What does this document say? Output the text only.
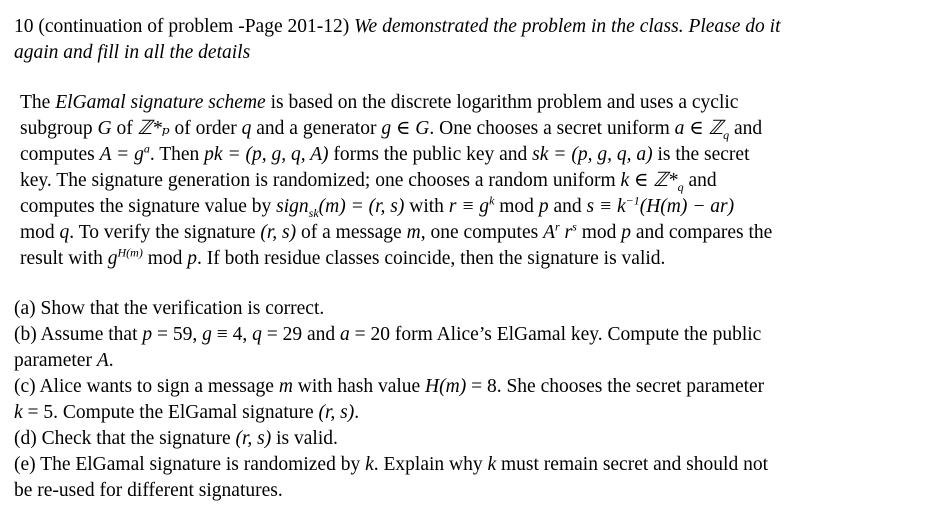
10 (continuation of problem -Page 201-12) We demonstrated the problem in the class. Please do it
again and fill in all the details
The ElGamal signature scheme is based on the discrete logarithm problem and uses a cyclic
subgroup G of ℤ*ₚ of order q and a generator g ∈ G. One chooses a secret uniform a ∈ ℤ$_q$ and
computes $A = g^a$. Then pk = (p, g, q, A) forms the public key and sk = (p, g, q, a) is the secret
key. The signature generation is randomized; one chooses a random uniform k ∈ $ℤ*_q$ and
computes the signature value by sign$_{sk}$(m) = (r, s) with $r \equiv g^k$ mod p and $s \equiv k^{-1}(H(m) - ar)$
mod q. To verify the signature (r, s) of a message m, one computes $A^r$ $r^s$ mod p and compares the
result with $g^{H(m)}$ mod p. If both residue classes coincide, then the signature is valid.
(a) Show that the verification is correct.
(b) Assume that p = 59, g ≡ 4, q = 29 and a = 20 form Alice’s ElGamal key. Compute the public
parameter A.
(c) Alice wants to sign a message m with hash value H(m) = 8. She chooses the secret parameter
k = 5. Compute the ElGamal signature (r, s).
(d) Check that the signature (r, s) is valid.
(e) The ElGamal signature is randomized by k. Explain why k must remain secret and should not
be re-used for different signatures.
